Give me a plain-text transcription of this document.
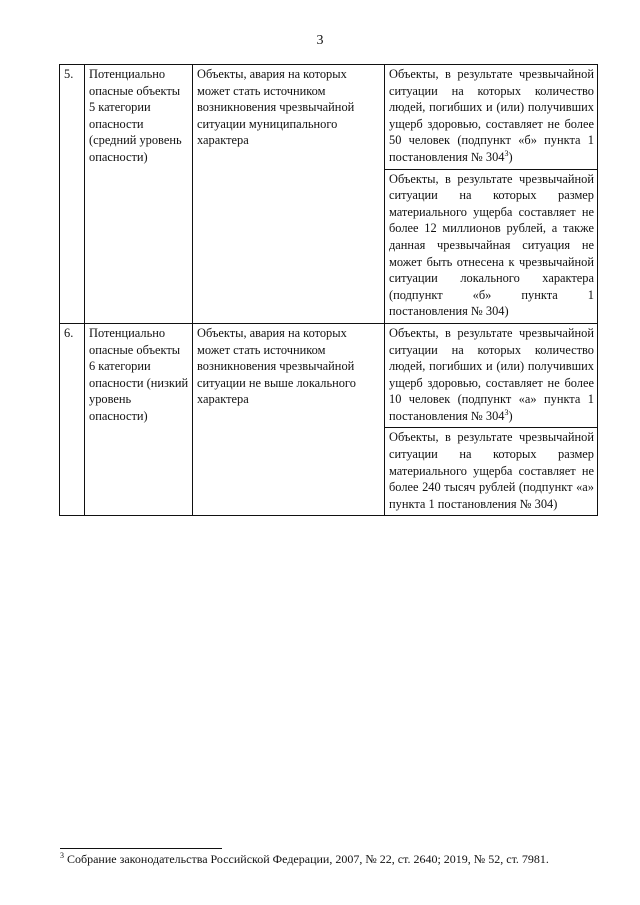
3
5.	Потенциально опасные объекты 5 категории опасности (средний уровень опасности)	Объекты, авария на которых может стать источником возникновения чрезвычайной ситуации муниципального характера	Объекты, в результате чрезвычайной ситуации на которых количество людей, погибших и (или) получивших ущерб здоровью, составляет не более 50 человек (подпункт «б» пункта 1 постановления № $304^3$)
			Объекты, в результате чрезвычайной ситуации на которых размер материального ущерба составляет не более 12 миллионов рублей, а также данная чрезвычайная ситуация не может быть отнесена к чрезвычайной ситуации локального характера (подпункт «б» пункта 1 постановления № 304)
6.	Потенциально опасные объекты 6 категории опасности (низкий уровень опасности)	Объекты, авария на которых может стать источником возникновения чрезвычайной ситуации не выше локального характера	Объекты, в результате чрезвычайной ситуации на которых количество людей, погибших и (или) получивших ущерб здоровью, составляет не более 10 человек (подпункт «а» пункта 1 постановления № $304^3$)
			Объекты, в результате чрезвычайной ситуации на которых размер материального ущерба составляет не более 240 тысяч рублей (подпункт «а» пункта 1 постановления № 304)
$^3$ Собрание законодательства Российской Федерации, 2007, № 22, ст. 2640; 2019, № 52, ст. 7981.
